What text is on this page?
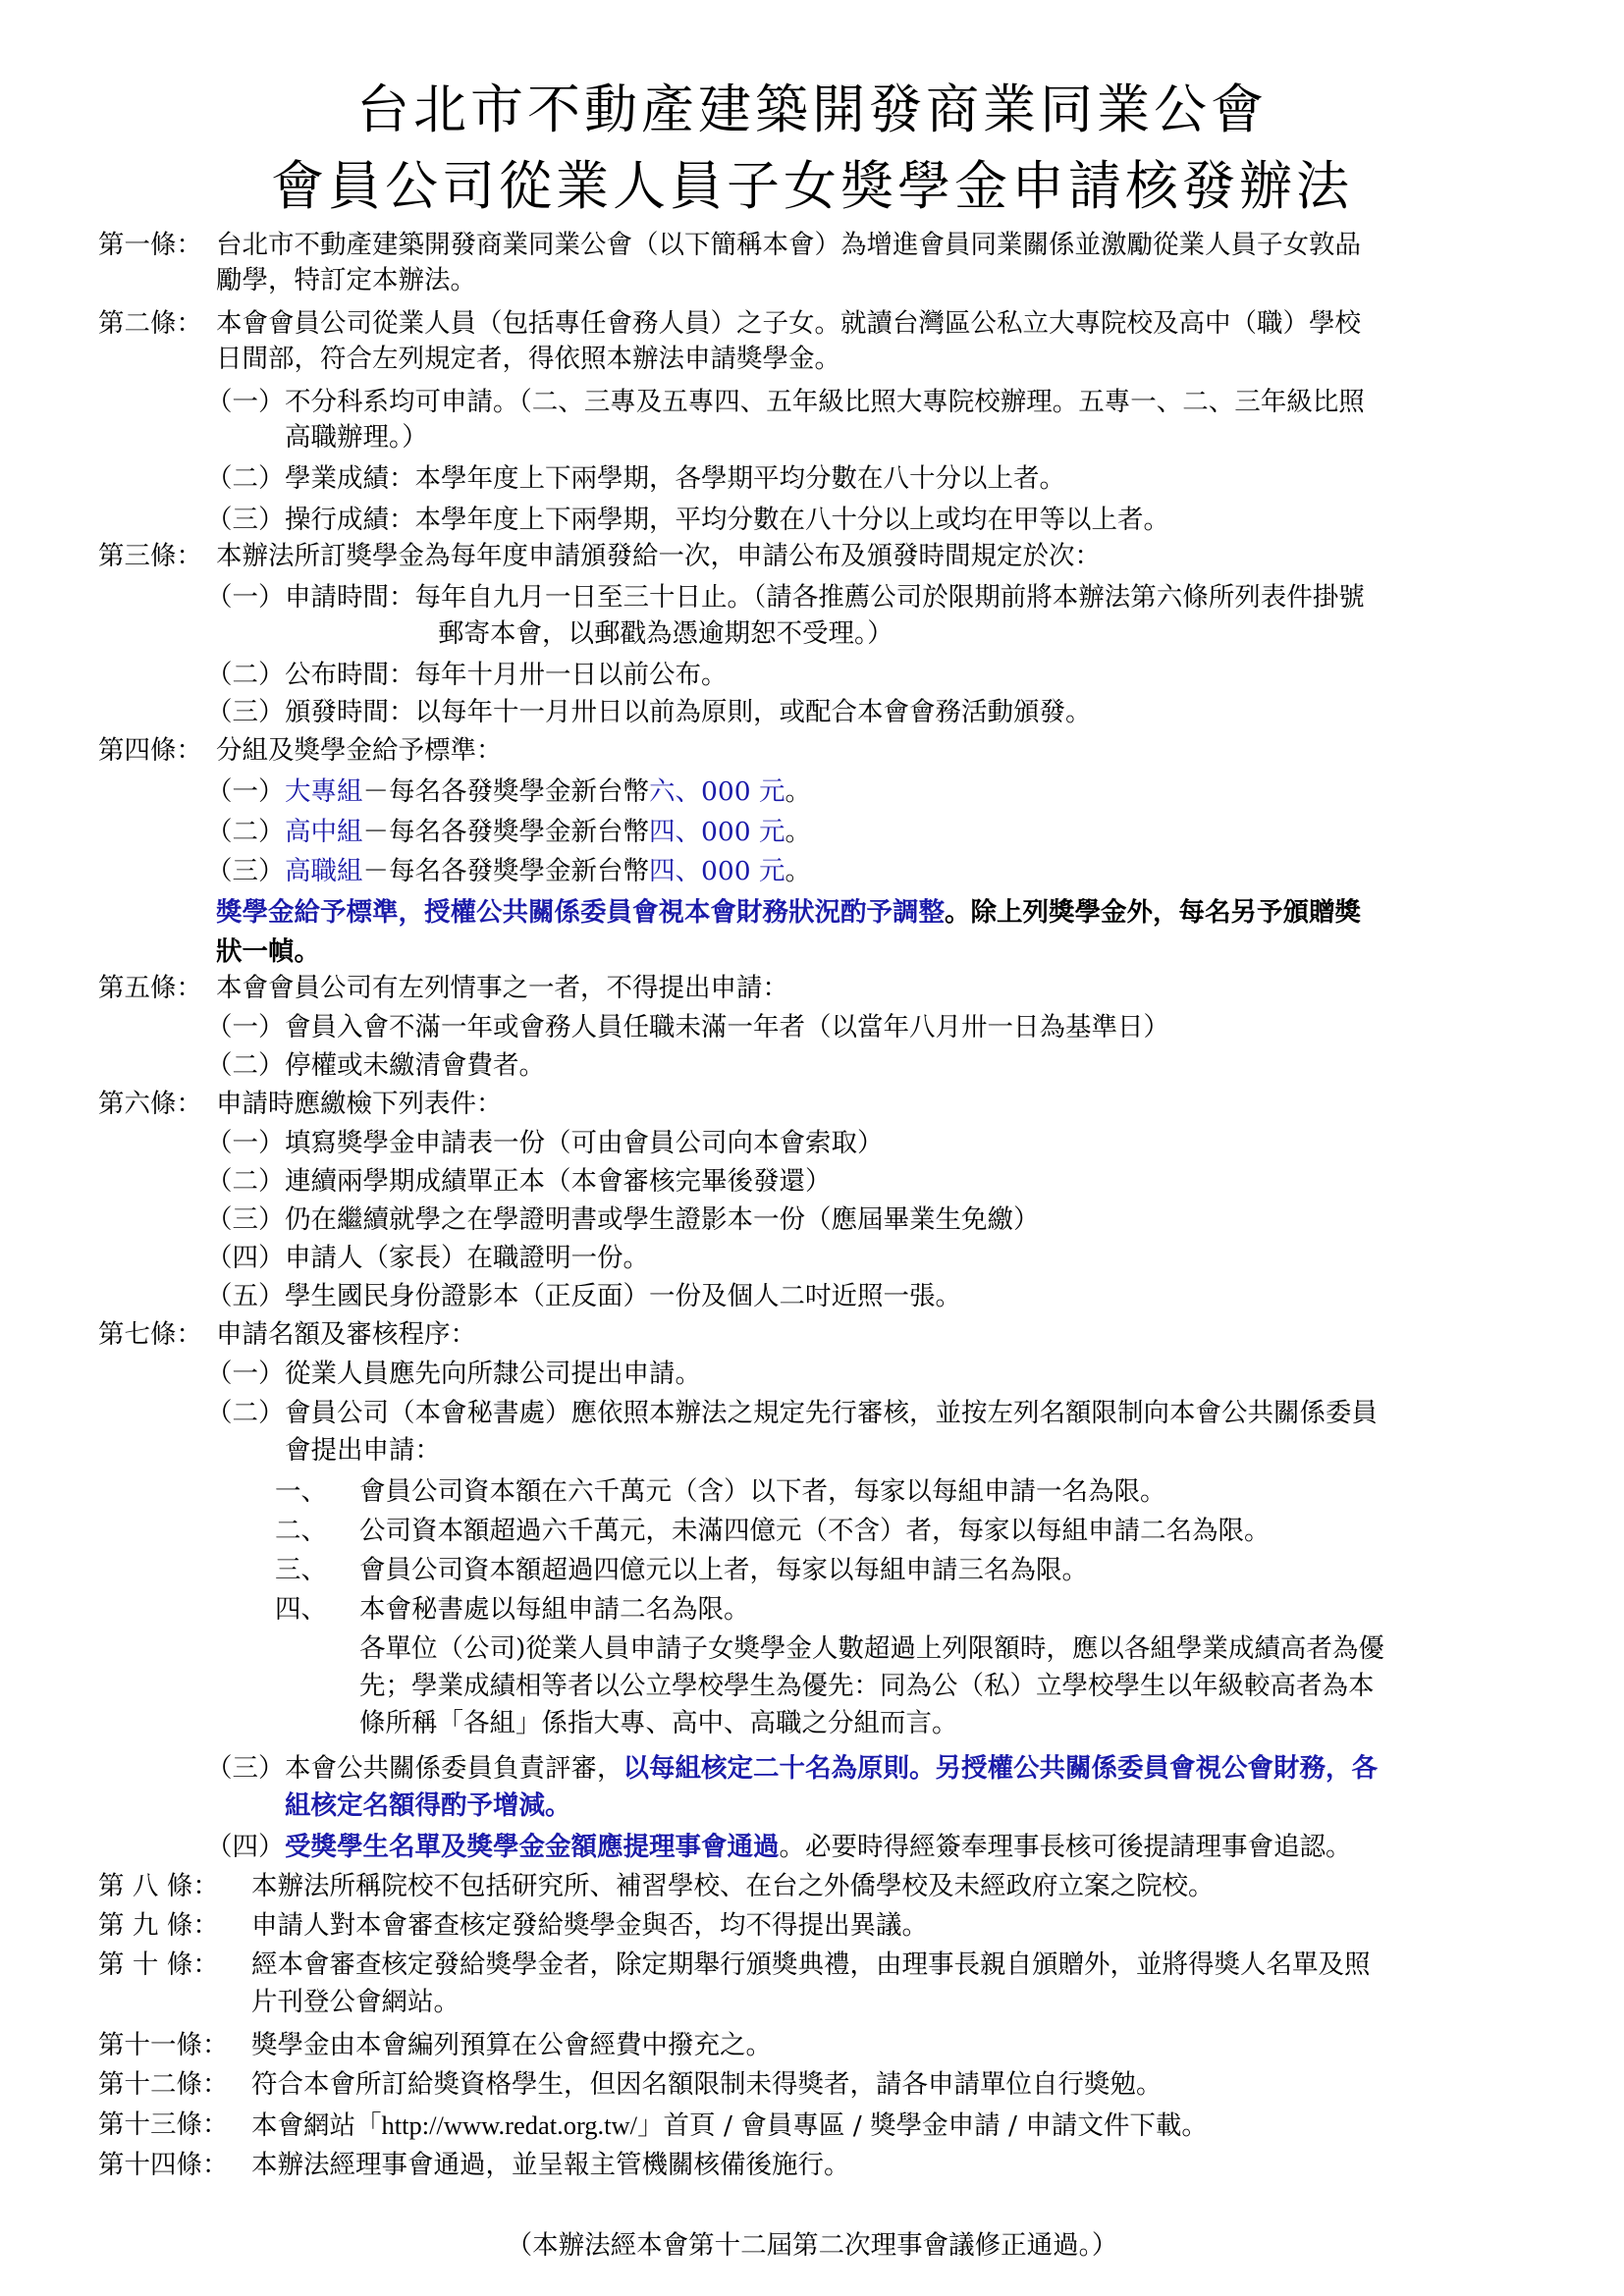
台北市不動產建築開發商業同業公會
會員公司從業人員子女獎學金申請核發辦法
第一條： 台北市不動產建築開發商業同業公會（以下簡稱本會）為增進會員同業關係並激勵從業人員子女敦品
勵學，特訂定本辦法。
第二條： 本會會員公司從業人員（包括專任會務人員）之子女。就讀台灣區公私立大專院校及高中（職）學校
日間部，符合左列規定者，得依照本辦法申請獎學金。
（一） 不分科系均可申請。（二、三專及五專四、五年級比照大專院校辦理。五專一、二、三年級比照
高職辦理。）
（二） 學業成績：本學年度上下兩學期，各學期平均分數在八十分以上者。
（三） 操行成績：本學年度上下兩學期，平均分數在八十分以上或均在甲等以上者。
第三條： 本辦法所訂獎學金為每年度申請頒發給一次，申請公布及頒發時間規定於次：
（一） 申請時間：每年自九月一日至三十日止。（請各推薦公司於限期前將本辦法第六條所列表件掛號
郵寄本會，以郵戳為憑逾期恕不受理。）
（二） 公布時間：每年十月卅一日以前公布。
（三） 頒發時間：以每年十一月卅日以前為原則，或配合本會會務活動頒發。
第四條： 分組及獎學金給予標準：
（一） 大專組－每名各發獎學金新台幣六、000 元。
（二） 高中組－每名各發獎學金新台幣四、000 元。
（三） 高職組－每名各發獎學金新台幣四、000 元。
獎學金給予標準，授權公共關係委員會視本會財務狀況酌予調整。除上列獎學金外，每名另予頒贈獎
狀一幀。
第五條： 本會會員公司有左列情事之一者，不得提出申請：
（一） 會員入會不滿一年或會務人員任職未滿一年者（以當年八月卅一日為基準日）
（二） 停權或未繳清會費者。
第六條： 申請時應繳檢下列表件：
（一） 填寫獎學金申請表一份（可由會員公司向本會索取）
（二） 連續兩學期成績單正本（本會審核完畢後發還）
（三） 仍在繼續就學之在學證明書或學生證影本一份（應屆畢業生免繳）
（四） 申請人（家長）在職證明一份。
（五） 學生國民身份證影本（正反面）一份及個人二吋近照一張。
第七條： 申請名額及審核程序：
（一） 從業人員應先向所隸公司提出申請。
（二） 會員公司（本會秘書處）應依照本辦法之規定先行審核，並按左列名額限制向本會公共關係委員
會提出申請：
一、 會員公司資本額在六千萬元（含）以下者，每家以每組申請一名為限。
二、 公司資本額超過六千萬元，未滿四億元（不含）者，每家以每組申請二名為限。
三、 會員公司資本額超過四億元以上者，每家以每組申請三名為限。
四、 本會秘書處以每組申請二名為限。
各單位（公司)從業人員申請子女獎學金人數超過上列限額時，應以各組學業成績高者為優
先；學業成績相等者以公立學校學生為優先：同為公（私）立學校學生以年級較高者為本
條所稱「各組」係指大專、高中、高職之分組而言。
（三） 本會公共關係委員負責評審，以每組核定二十名為原則。另授權公共關係委員會視公會財務，各
組核定名額得酌予增減。
（四） 受獎學生名單及獎學金金額應提理事會通過。必要時得經簽奉理事長核可後提請理事會追認。
第 八 條： 本辦法所稱院校不包括研究所、補習學校、在台之外僑學校及未經政府立案之院校。
第 九 條： 申請人對本會審查核定發給獎學金與否，均不得提出異議。
第 十 條： 經本會審查核定發給獎學金者，除定期舉行頒獎典禮，由理事長親自頒贈外，並將得獎人名單及照
片刊登公會網站。
第十一條： 獎學金由本會編列預算在公會經費中撥充之。
第十二條： 符合本會所訂給獎資格學生，但因名額限制未得獎者，請各申請單位自行獎勉。
第十三條： 本會網站「http://www.redat.org.tw/」首頁 / 會員專區 / 獎學金申請 / 申請文件下載。
第十四條： 本辦法經理事會通過，並呈報主管機關核備後施行。
（本辦法經本會第十二屆第二次理事會議修正通過。）
